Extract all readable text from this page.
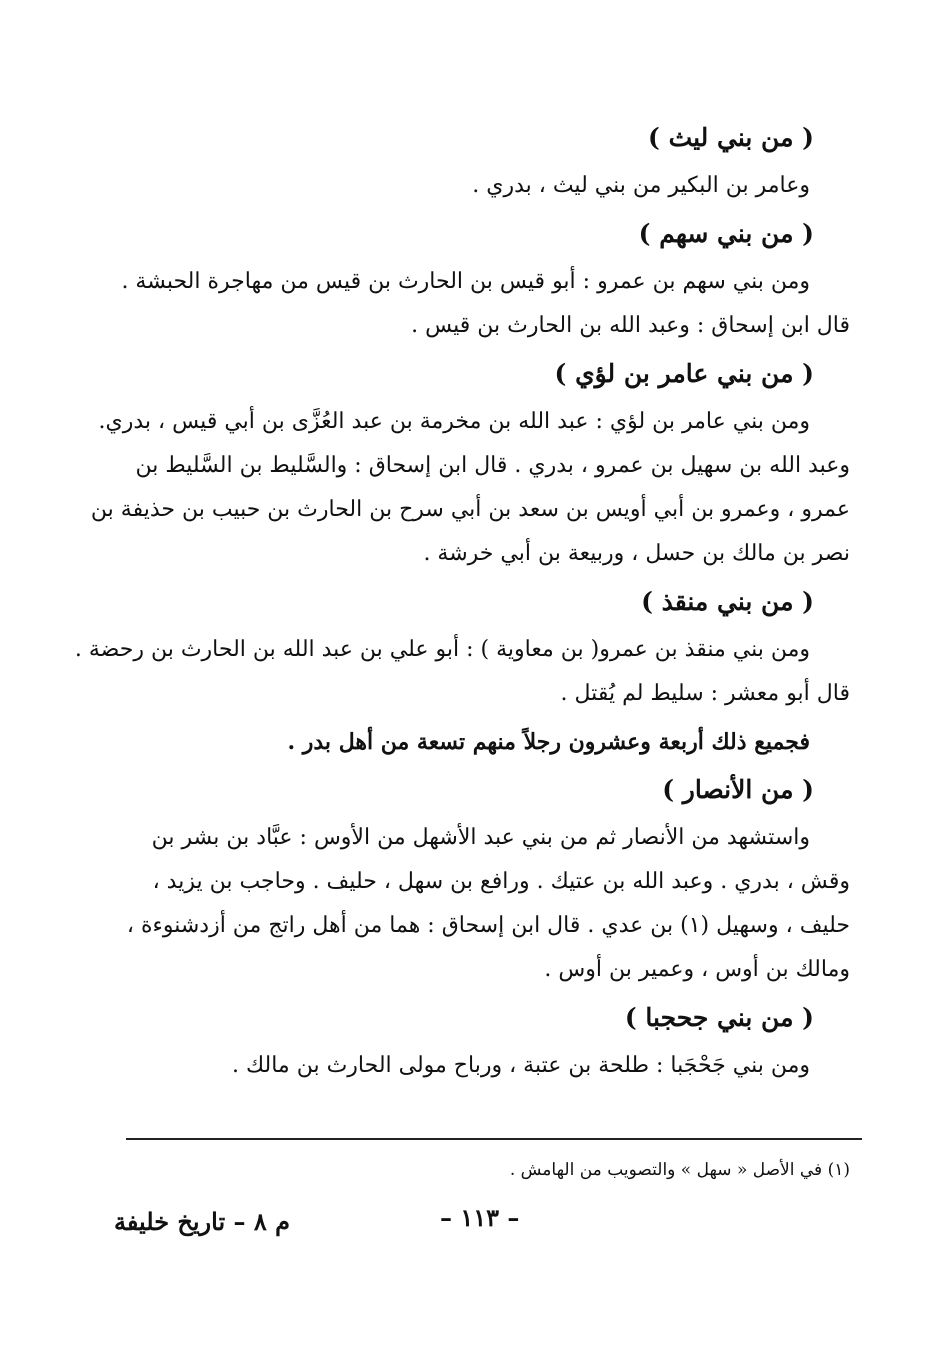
( من بني ليث )
وعامر بن البكير من بني ليث ، بدري .
( من بني سهم )
ومن بني سهم بن عمرو : أبو قيس بن الحارث بن قيس من مهاجرة الحبشة .
قال ابن إسحاق : وعبد الله بن الحارث بن قيس .
( من بني عامر بن لؤي )
ومن بني عامر بن لؤي : عبد الله بن مخرمة بن عبد العُزَّى بن أبي قيس ، بدري.
وعبد الله بن سهيل بن عمرو ، بدري . قال ابن إسحاق : والسَّليط بن السَّليط بن
عمرو ، وعمرو بن أبي أويس بن سعد بن أبي سرح بن الحارث بن حبيب بن حذيفة بن
نصر بن مالك بن حسل ، وربيعة بن أبي خرشة .
( من بني منقذ )
ومن بني منقذ بن عمرو( بن معاوية ) : أبو علي بن عبد الله بن الحارث بن رحضة .
قال أبو معشر : سليط لم يُقتل .
فجميع ذلك أربعة وعشرون رجلاً منهم تسعة من أهل بدر .
( من الأنصار )
واستشهد من الأنصار ثم من بني عبد الأشهل من الأوس : عبَّاد بن بشر بن
وقش ، بدري . وعبد الله بن عتيك . ورافع بن سهل ، حليف . وحاجب بن يزيد ،
حليف ، وسهيل (١) بن عدي . قال ابن إسحاق : هما من أهل راتج من أزدشنوءة ،
ومالك بن أوس ، وعمير بن أوس .
( من بني جحجبا )
ومن بني جَحْجَبا : طلحة بن عتبة ، ورباح مولى الحارث بن مالك .
(١) في الأصل « سهل » والتصويب من الهامش .
– ١١٣ –
م ٨ – تاريخ خليفة
